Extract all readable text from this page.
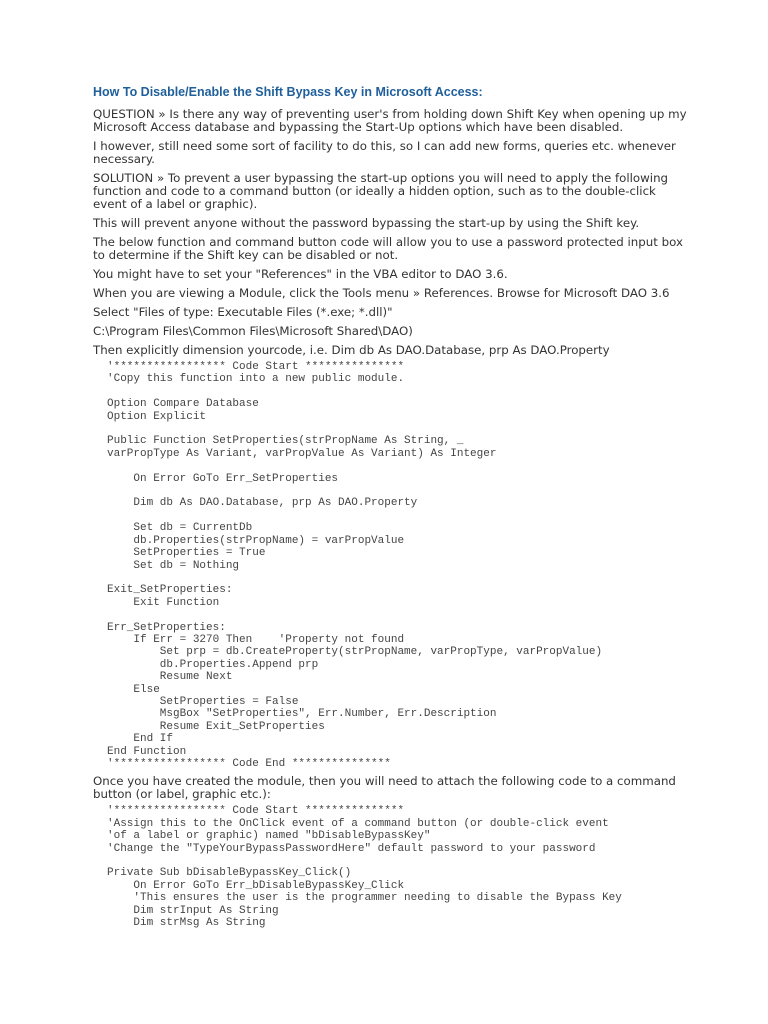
How To Disable/Enable the Shift Bypass Key in Microsoft Access:

QUESTION » Is there any way of preventing user's from holding down Shift Key when opening up my Microsoft Access database and bypassing the Start-Up options which have been disabled.

I however, still need some sort of facility to do this, so I can add new forms, queries etc. whenever necessary.

SOLUTION » To prevent a user bypassing the start-up options you will need to apply the following function and code to a command button (or ideally a hidden option, such as to the double-click event of a label or graphic).

This will prevent anyone without the password bypassing the start-up by using the Shift key.

The below function and command button code will allow you to use a password protected input box to determine if the Shift key can be disabled or not.

You might have to set your "References" in the VBA editor to DAO 3.6.

When you are viewing a Module, click the Tools menu » References. Browse for Microsoft DAO 3.6

Select "Files of type: Executable Files (*.exe; *.dll)"

C:\Program Files\Common Files\Microsoft Shared\DAO)

Then explicitly dimension yourcode, i.e. Dim db As DAO.Database, prp As DAO.Property

'***************** Code Start ***************
'Copy this function into a new public module.

Option Compare Database
Option Explicit

Public Function SetProperties(strPropName As String, _
varPropType As Variant, varPropValue As Variant) As Integer

On Error GoTo Err_SetProperties

Dim db As DAO.Database, prp As DAO.Property

Set db = CurrentDb
db.Properties(strPropName) = varPropValue
SetProperties = True
Set db = Nothing

Exit_SetProperties:
Exit Function

Err_SetProperties:
If Err = 3270 Then    'Property not found
Set prp = db.CreateProperty(strPropName, varPropType, varPropValue)
db.Properties.Append prp
Resume Next
Else
SetProperties = False
MsgBox "SetProperties", Err.Number, Err.Description
Resume Exit_SetProperties
End If
End Function
'***************** Code End ***************

Once you have created the module, then you will need to attach the following code to a command button (or label, graphic etc.):

'***************** Code Start ***************
'Assign this to the OnClick event of a command button (or double-click event
'of a label or graphic) named "bDisableBypassKey"
'Change the "TypeYourBypassPasswordHere" default password to your password

Private Sub bDisableBypassKey_Click()
On Error GoTo Err_bDisableBypassKey_Click
'This ensures the user is the programmer needing to disable the Bypass Key
Dim strInput As String
Dim strMsg As String
